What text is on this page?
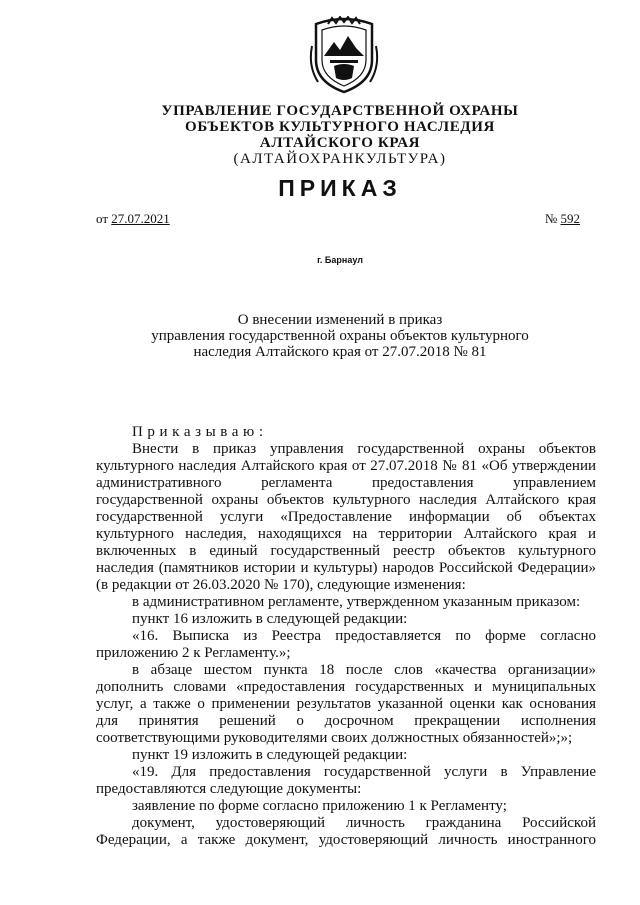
УПРАВЛЕНИЕ ГОСУДАРСТВЕННОЙ ОХРАНЫ
ОБЪЕКТОВ КУЛЬТУРНОГО НАСЛЕДИЯ
АЛТАЙСКОГО КРАЯ
(АЛТАЙОХРАНКУЛЬТУРА)
ПРИКАЗ
от 27.07.2021	№ 592
г. Барнаул
О внесении изменений в приказ
управления государственной охраны объектов культурного
наследия Алтайского края от 27.07.2018 № 81

Приказываю:

Внести в приказ управления государственной охраны объектов

культурного наследия Алтайского края от 27.07.2018 № 81 «Об утверждении

административного регламента предоставления управлением

государственной охраны объектов культурного наследия Алтайского края

государственной услуги «Предоставление информации об объектах

культурного наследия, находящихся на территории Алтайского края и

включенных в единый государственный реестр объектов культурного

наследия (памятников истории и культуры) народов Российской Федерации»

(в редакции от 26.03.2020 № 170), следующие изменения:

в административном регламенте, утвержденном указанным приказом:

пункт 16 изложить в следующей редакции:

«16. Выписка из Реестра предоставляется по форме согласно

приложению 2 к Регламенту.»;

в абзаце шестом пункта 18 после слов «качества организации»

дополнить словами «предоставления государственных и муниципальных

услуг, а также о применении результатов указанной оценки как основания

для принятия решений о досрочном прекращении исполнения

соответствующими руководителями своих должностных обязанностей»;»;

пункт 19 изложить в следующей редакции:

«19. Для предоставления государственной услуги в Управление

предоставляются следующие документы:

заявление по форме согласно приложению 1 к Регламенту;

документ, удостоверяющий личность гражданина Российской

Федерации, а также документ, удостоверяющий личность иностранного
